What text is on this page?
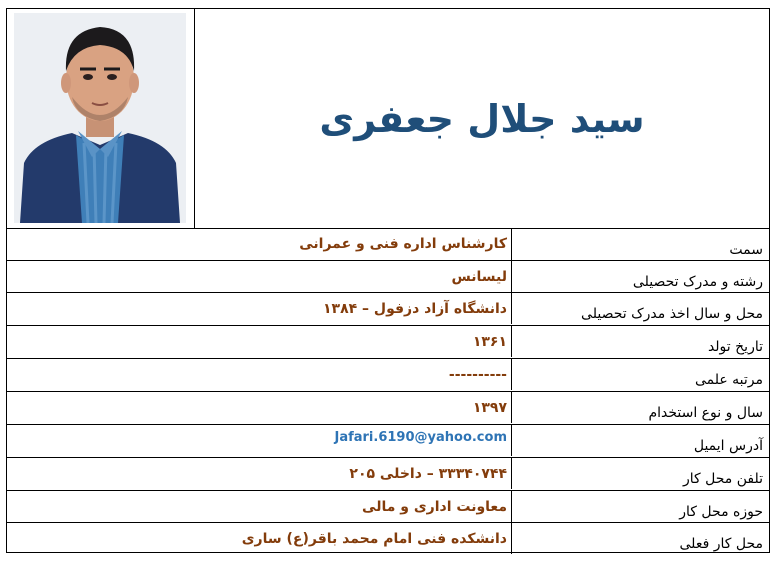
سید جلال جعفری
سمت
کارشناس اداره فنی و عمرانی
رشته و مدرک تحصیلی
لیسانس
محل و سال اخذ مدرک تحصیلی
دانشگاه آزاد دزفول – ۱۳۸۴
تاریخ تولد
۱۳۶۱
مرتبه علمی
----------
سال و نوع استخدام
۱۳۹۷
آدرس ایمیل
Jafari.6190@yahoo.com
تلفن محل کار
۳۳۳۴۰۷۴۴ – داخلی ۲۰۵
حوزه محل کار
معاونت اداری و مالی
محل کار فعلی
دانشکده فنی امام محمد باقر(ع) ساری
